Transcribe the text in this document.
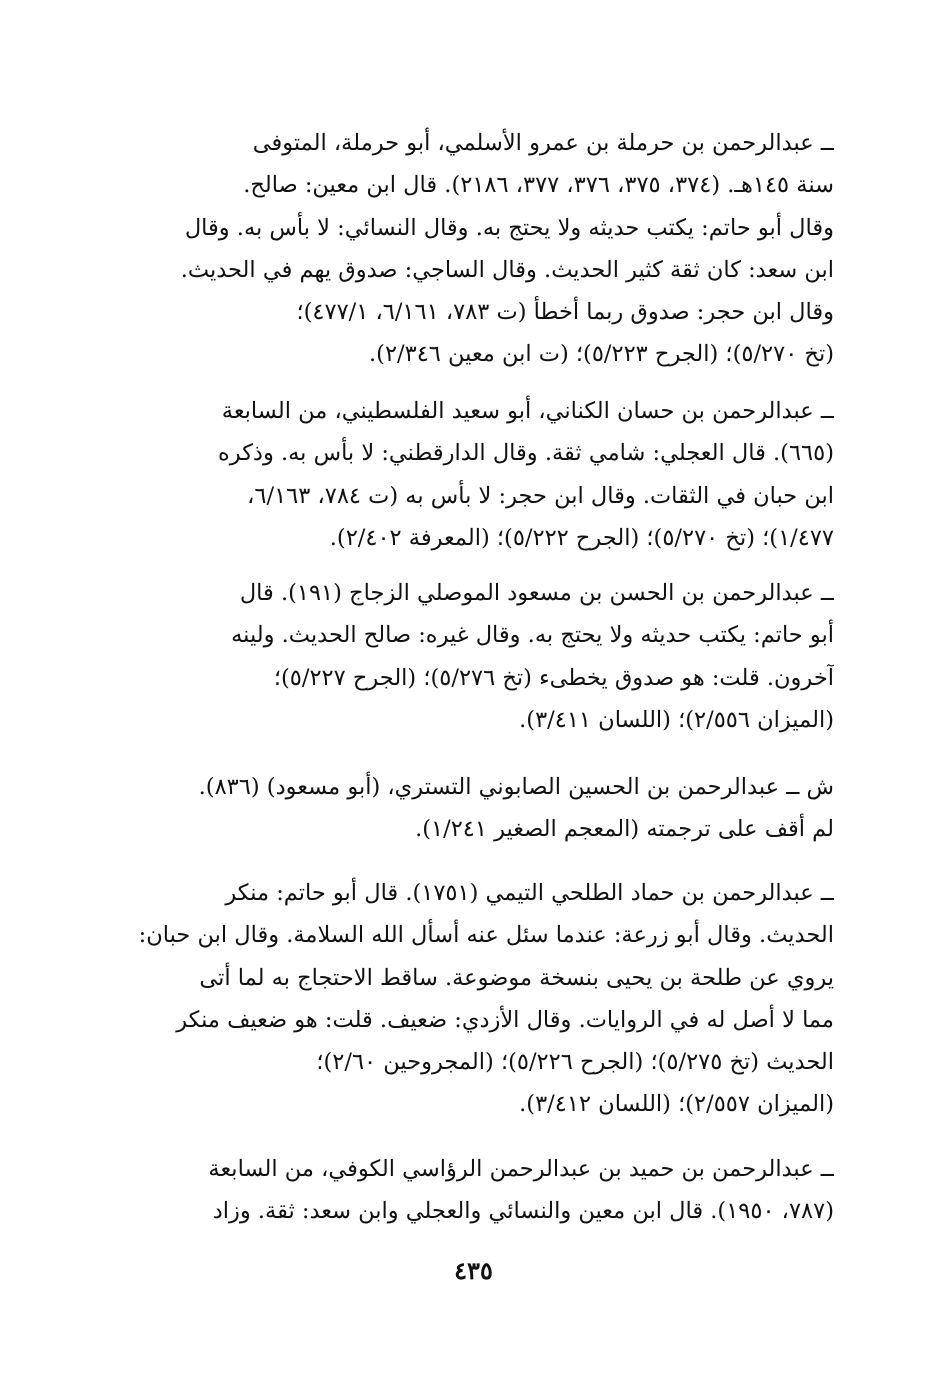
ــ عبدالرحمن بن حرملة بن عمرو الأسلمي، أبو حرملة، المتوفى
سنة ١٤٥هـ. (٣٧٤، ٣٧٥، ٣٧٦، ٣٧٧، ٢١٨٦). قال ابن معين: صالح.
وقال أبو حاتم: يكتب حديثه ولا يحتج به. وقال النسائي: لا بأس به. وقال
ابن سعد: كان ثقة كثير الحديث. وقال الساجي: صدوق يهم في الحديث.
وقال ابن حجر: صدوق ربما أخطأ (ت ٧٨٣، ٦/١٦١، ٤٧٧/١)؛
(تخ ٥/٢٧٠)؛ (الجرح ٥/٢٢٣)؛ (ت ابن معين ٢/٣٤٦).
ــ عبدالرحمن بن حسان الكناني، أبو سعيد الفلسطيني، من السابعة
(٦٦٥). قال العجلي: شامي ثقة. وقال الدارقطني: لا بأس به. وذكره
ابن حبان في الثقات. وقال ابن حجر: لا بأس به (ت ٧٨٤، ٦/١٦٣،
١/٤٧٧)؛ (تخ ٥/٢٧٠)؛ (الجرح ٥/٢٢٢)؛ (المعرفة ٢/٤٠٢).
ــ عبدالرحمن بن الحسن بن مسعود الموصلي الزجاج (١٩١). قال
أبو حاتم: يكتب حديثه ولا يحتج به. وقال غيره: صالح الحديث. ولينه
آخرون. قلت: هو صدوق يخطىء (تخ ٥/٢٧٦)؛ (الجرح ٥/٢٢٧)؛
(الميزان ٢/٥٥٦)؛ (اللسان ٣/٤١١).
ش ــ عبدالرحمن بن الحسين الصابوني التستري، (أبو مسعود) (٨٣٦).
لم أقف على ترجمته (المعجم الصغير ١/٢٤١).
ــ عبدالرحمن بن حماد الطلحي التيمي (١٧٥١). قال أبو حاتم: منكر
الحديث. وقال أبو زرعة: عندما سئل عنه أسأل الله السلامة. وقال ابن حبان:
يروي عن طلحة بن يحيى بنسخة موضوعة. ساقط الاحتجاج به لما أتى
مما لا أصل له في الروايات. وقال الأزدي: ضعيف. قلت: هو ضعيف منكر
الحديث (تخ ٥/٢٧٥)؛ (الجرح ٥/٢٢٦)؛ (المجروحين ٢/٦٠)؛
(الميزان ٢/٥٥٧)؛ (اللسان ٣/٤١٢).
ــ عبدالرحمن بن حميد بن عبدالرحمن الرؤاسي الكوفي، من السابعة
(٧٨٧، ١٩٥٠). قال ابن معين والنسائي والعجلي وابن سعد: ثقة. وزاد
٤٣٥
